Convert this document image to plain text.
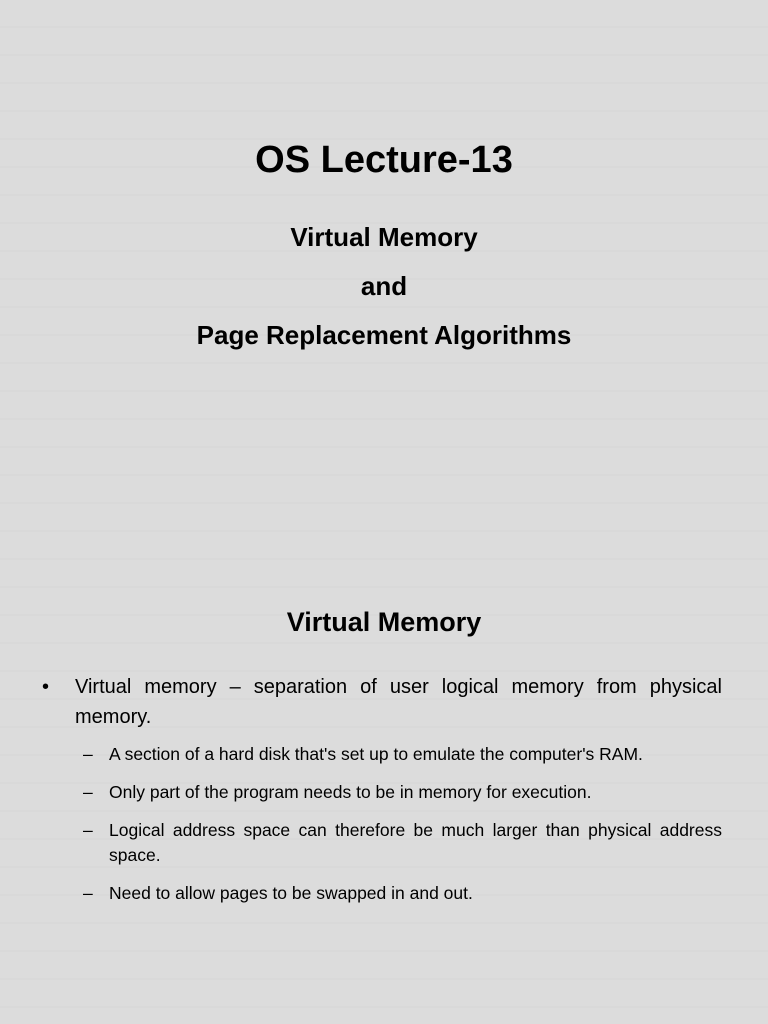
OS Lecture-13

Virtual Memory

and

Page Replacement Algorithms

Virtual Memory
• Virtual memory – separation of user logical memory from physical memory.
– A section of a hard disk that's set up to emulate the computer's RAM.
– Only part of the program needs to be in memory for execution.
– Logical address space can therefore be much larger than physical address space.
– Need to allow pages to be swapped in and out.
